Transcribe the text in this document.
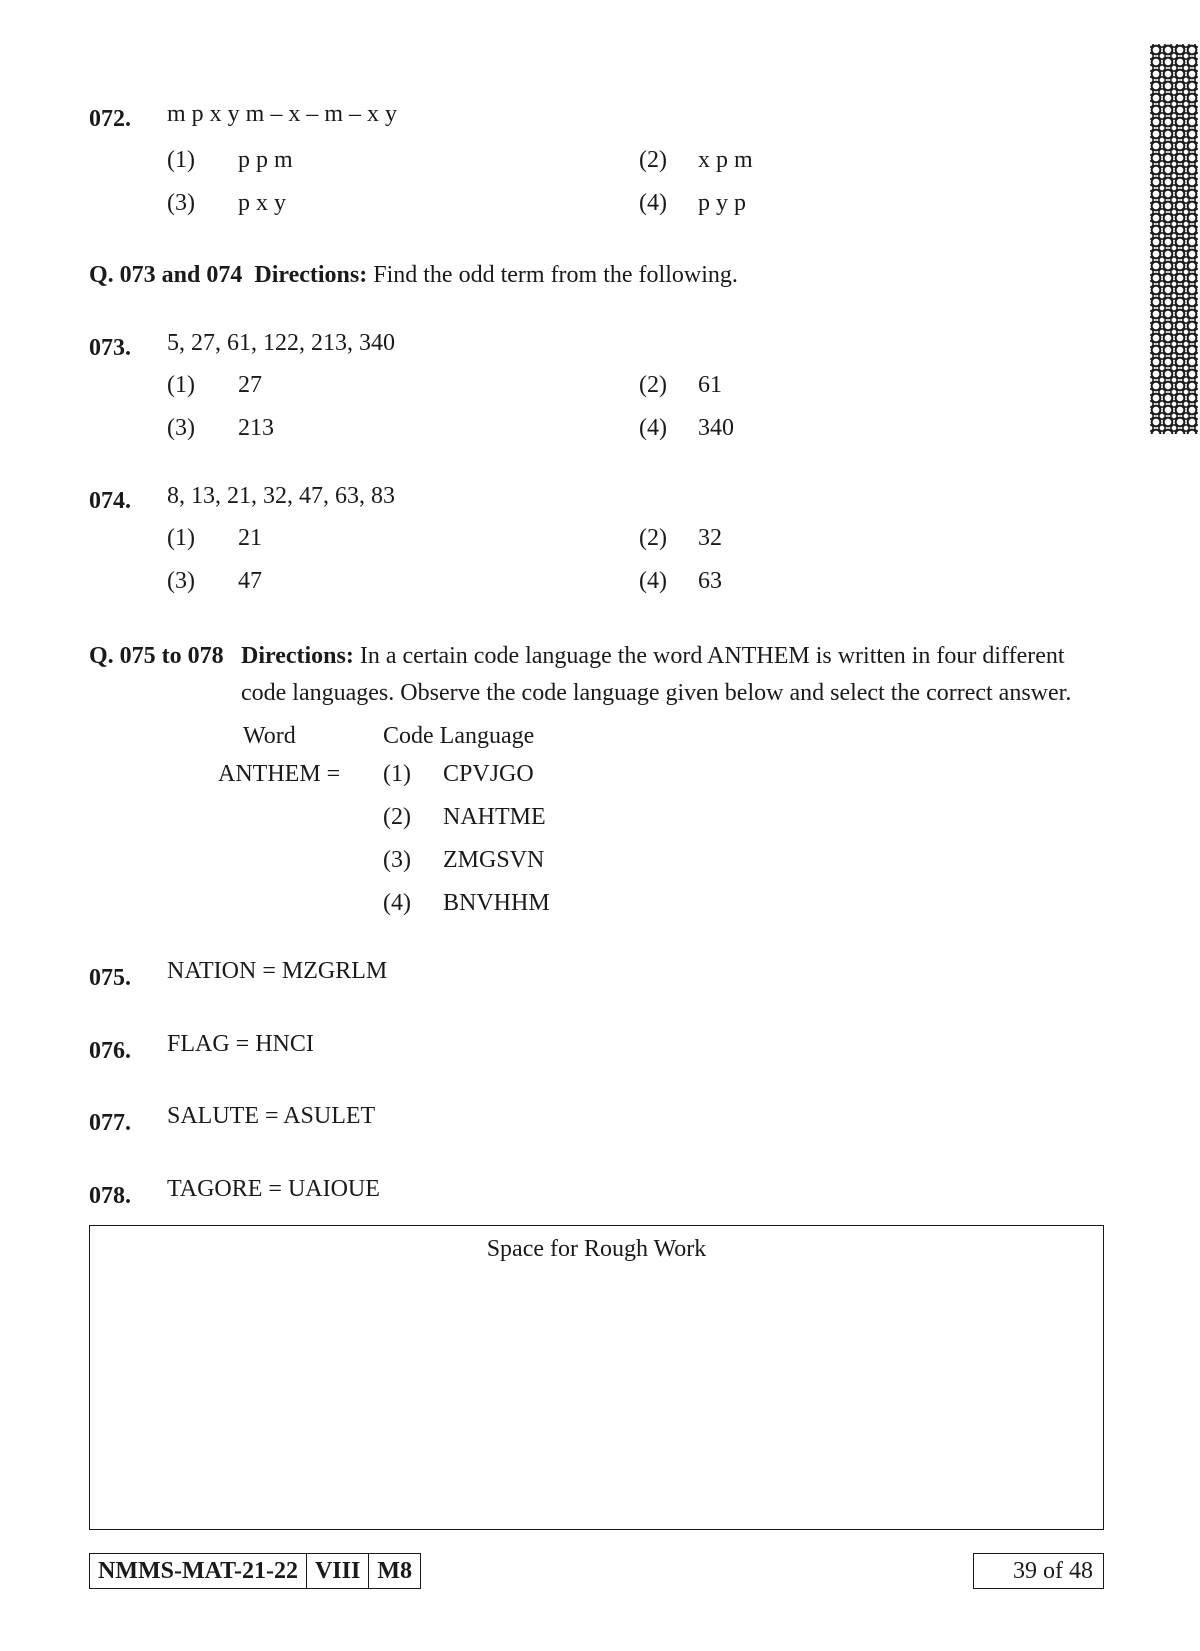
072. m p x y m – x – m – x y
(1) p p m	(2) x p m
(3) p x y	(4) p y p
Q. 073 and 074 Directions: Find the odd term from the following.
073. 5, 27, 61, 122, 213, 340
(1) 27	(2) 61
(3) 213	(4) 340
074. 8, 13, 21, 32, 47, 63, 83
(1) 21	(2) 32
(3) 47	(4) 63
Q. 075 to 078 Directions: In a certain code language the word ANTHEM is written in four different
code languages. Observe the code language given below and select the correct answer.
Word	Code Language
ANTHEM = (1) CPVJGO
(2) NAHTME
(3) ZMGSVN
(4) BNVHHM
075. NATION = MZGRLM
076. FLAG = HNCI
077. SALUTE = ASULET
078. TAGORE = UAIOUE
Space for Rough Work
NMMS-MAT-21-22 VIII M8	39 of 48
